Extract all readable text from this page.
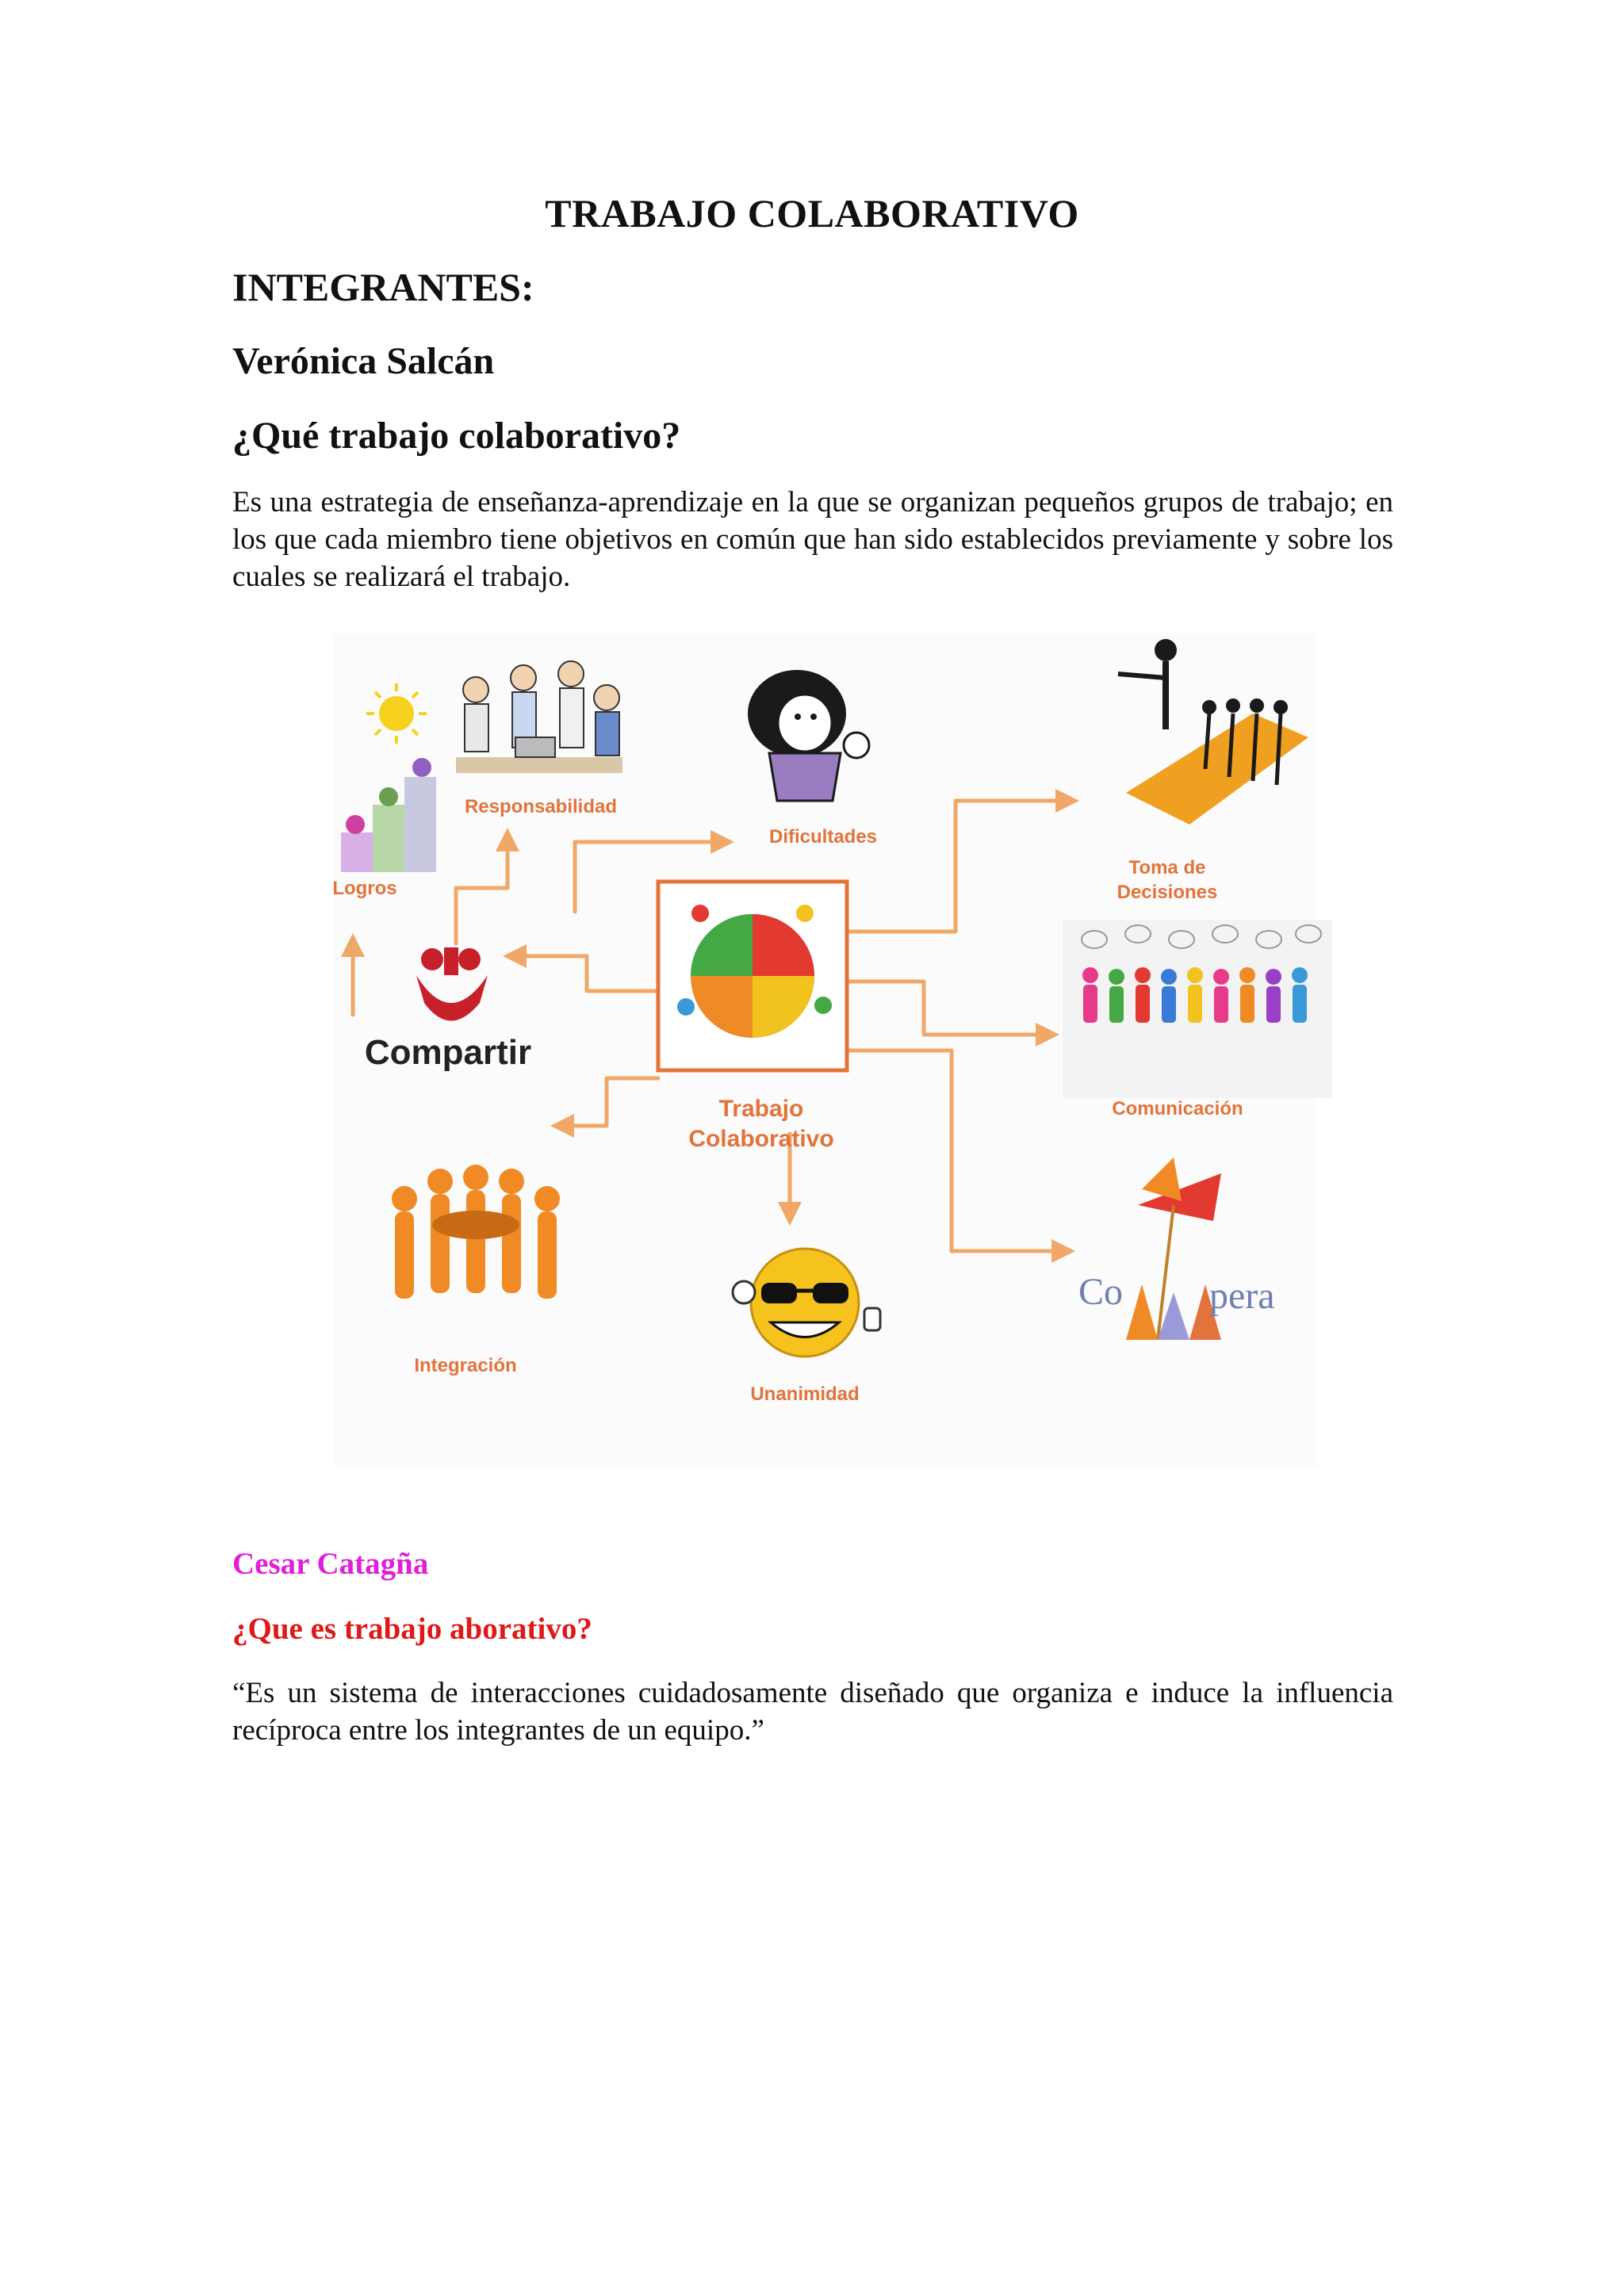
TRABAJO COLABORATIVO
INTEGRANTES:
Verónica Salcán
¿Qué trabajo colaborativo?
Es una estrategia de enseñanza-aprendizaje en la que se organizan pequeños grupos de trabajo; en los que cada miembro tiene objetivos en común que han sido establecidos previamente y sobre los cuales se realizará el trabajo.
Trabajo
Colaborativo
Logros
Responsabilidad
Dificultades
Toma de
Decisiones
Compartir
Comunicación
Integración
Unanimidad
Co pera
Cesar Catagña
¿Que es trabajo aborativo?
“Es un sistema de interacciones cuidadosamente diseñado que organiza e induce la influencia recíproca entre los integrantes de un equipo.”
